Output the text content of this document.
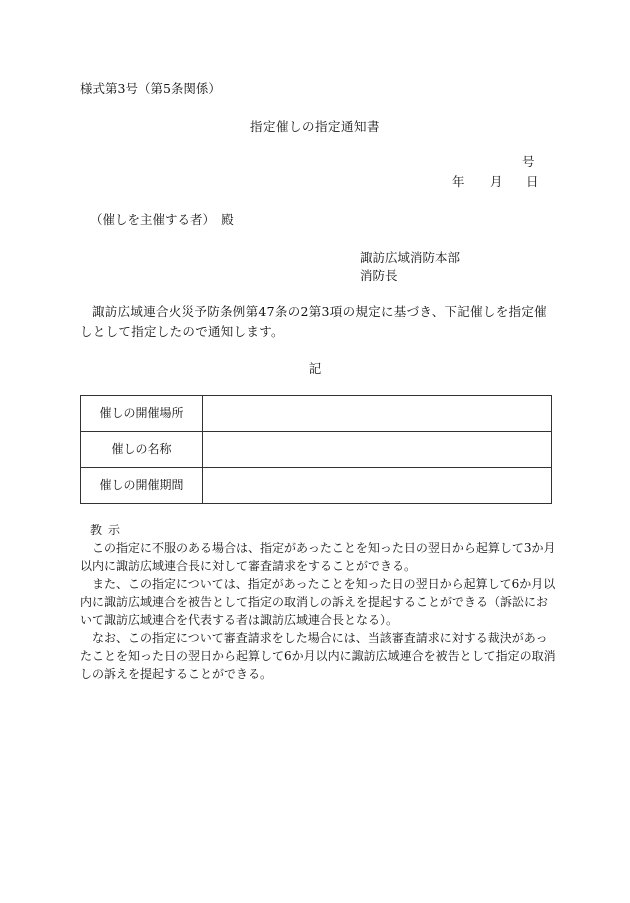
様式第3号（第5条関係）
指定催しの指定通知書
号
年 月 日
（催しを主催する者）　殿
諏訪広域消防本部
消防長
諏訪広域連合火災予防条例第47条の2第3項の規定に基づき、下記催しを指定催しとして指定したので通知します。
記
催しの開催場所	
催しの名称	
催しの開催期間	
教示

この指定に不服のある場合は、指定があったことを知った日の翌日から起算して3か月以内に諏訪広域連合長に対して審査請求をすることができる。

また、この指定については、指定があったことを知った日の翌日から起算して6か月以内に諏訪広域連合を被告として指定の取消しの訴えを提起することができる（訴訟において諏訪広域連合を代表する者は諏訪広域連合長となる）。

なお、この指定について審査請求をした場合には、当該審査請求に対する裁決があったことを知った日の翌日から起算して6か月以内に諏訪広域連合を被告として指定の取消しの訴えを提起することができる。
